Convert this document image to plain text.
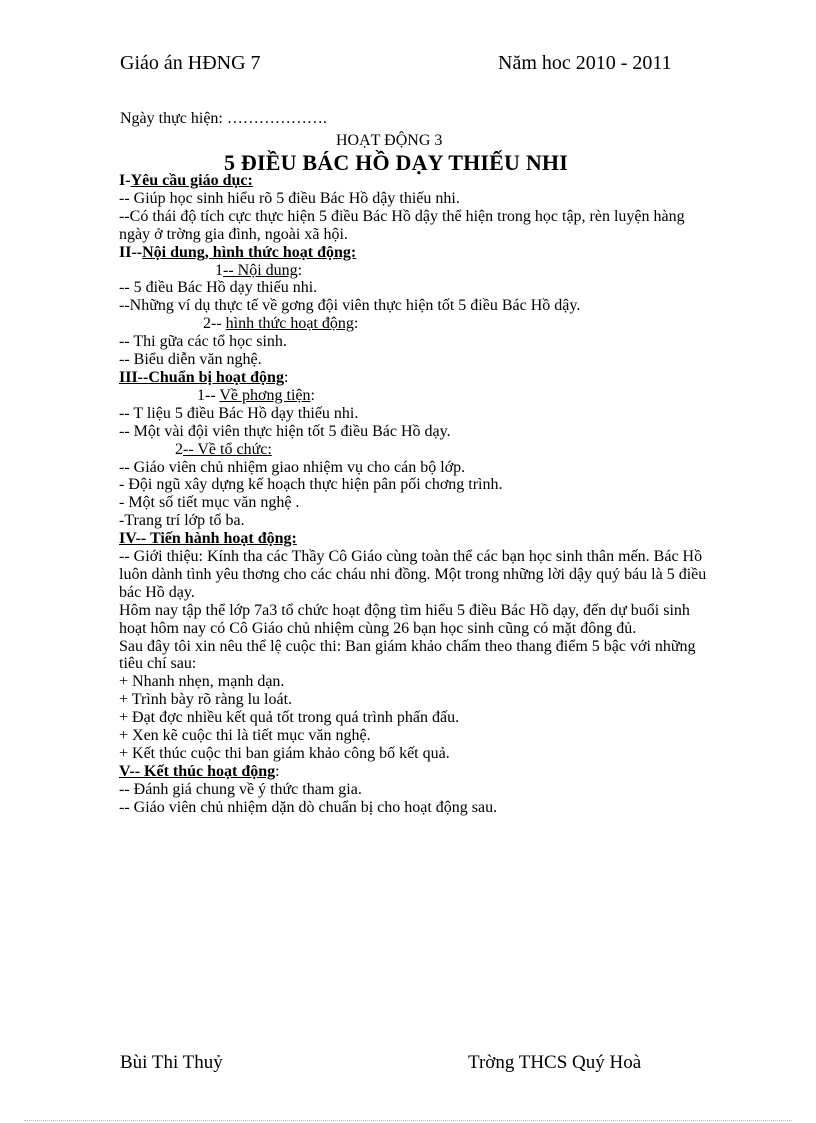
Giáo án HĐNG 7	Năm hoc 2010 - 2011
Ngày thực hiện: ……………….
HOẠT ĐỘNG 3
5 ĐIỀU BÁC HỒ DẠY THIẾU NHI

I-Yêu cầu giáo dục:

-- Giúp học sinh hiểu rõ 5 điều Bác Hồ dậy thiếu nhi.

--Có thái độ tích cực thực hiện 5 điều Bác Hồ dậy thể hiện trong học tập, rèn luyện hàng ngày ở trờng gia đình, ngoài xã hội.

II--Nội dung, hình thức hoạt động:

1-- Nội dung:

-- 5 điều Bác Hồ dạy thiếu nhi.

--Những ví dụ thực tế về gơng đội viên thực hiện tốt 5 điều Bác Hồ dậy.

2-- hình thức hoạt động:

-- Thi gữa các tổ học sinh.

-- Biểu diễn văn nghệ.

III--Chuẩn bị hoạt động:

1-- Về phơng tiện:

-- T liệu 5 điều Bác Hồ dạy thiếu nhi.

-- Một vài đội viên thực hiện tốt 5 điều Bác Hồ dạy.

2-- Về tổ chức:

-- Giáo viên chủ nhiệm giao nhiệm vụ cho cán bộ lớp.

- Đội ngũ xây dựng kế hoạch thực hiện pân pối chơng trình.

- Một số tiết mục văn nghệ .

-Trang trí lớp tổ ba.

IV-- Tiến hành hoạt động:

-- Giới thiệu: Kính tha các Thầy Cô Giáo cùng toàn thể các bạn học sinh thân mến. Bác Hồ luôn dành tình yêu thơng cho các cháu nhi đồng. Một trong những lời dậy quý báu là 5 điều bác Hồ dạy.

Hôm nay tập thể lớp 7a3 tổ chức hoạt động tìm hiểu 5 điều Bác Hồ dạy, đến dự buổi sinh hoạt hôm nay có Cô Giáo chủ nhiệm cùng 26 bạn học sinh cũng có mặt đông đủ.

Sau đây tôi xin nêu thể lệ cuộc thi: Ban giám khảo chấm theo thang điểm 5 bậc với những tiêu chí sau:

+ Nhanh nhẹn, mạnh dạn.

+ Trình bày rõ ràng lu loát.

+ Đạt đợc nhiều kết quả tốt trong quá trình phấn đấu.

+ Xen kẽ cuộc thi là tiết mục văn nghệ.

+ Kết thúc cuộc thi ban giám khảo công bố kết quả.

V-- Kết thúc hoạt động:

-- Đánh giá chung về ý thức tham gia.

-- Giáo viên chủ nhiệm dặn dò chuẩn bị cho hoạt động sau.

Bùi Thi Thuỷ	Trờng THCS Quý Hoà
